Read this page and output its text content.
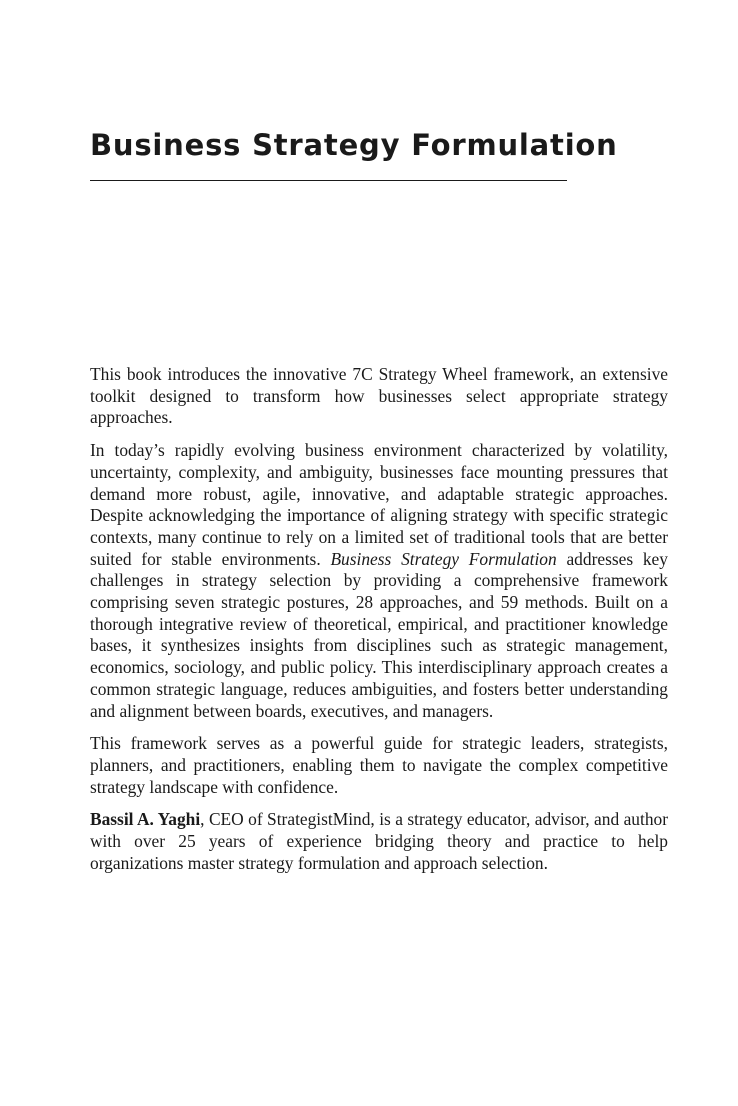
Business Strategy Formulation

This book introduces the innovative 7C Strategy Wheel framework, an extensive toolkit designed to transform how businesses select appropriate strategy approaches.

In today’s rapidly evolving business environment characterized by volatility, uncertainty, complexity, and ambiguity, businesses face mounting pressures that demand more robust, agile, innovative, and adaptable strategic approaches. Despite acknowledging the importance of aligning strategy with specific strategic contexts, many continue to rely on a limited set of traditional tools that are better suited for stable environments. Business Strategy Formulation addresses key challenges in strategy selection by providing a comprehensive framework comprising seven strategic postures, 28 approaches, and 59 methods. Built on a thorough integrative review of theoretical, empirical, and practitioner knowledge bases, it synthesizes insights from disciplines such as strategic management, economics, sociology, and public policy. This interdisciplinary approach creates a common strategic language, reduces ambiguities, and fosters better understanding and alignment between boards, executives, and managers.

This framework serves as a powerful guide for strategic leaders, strategists, planners, and practitioners, enabling them to navigate the complex competitive strategy landscape with confidence.

Bassil A. Yaghi, CEO of StrategistMind, is a strategy educator, advisor, and author with over 25 years of experience bridging theory and practice to help organizations master strategy formulation and approach selection.
